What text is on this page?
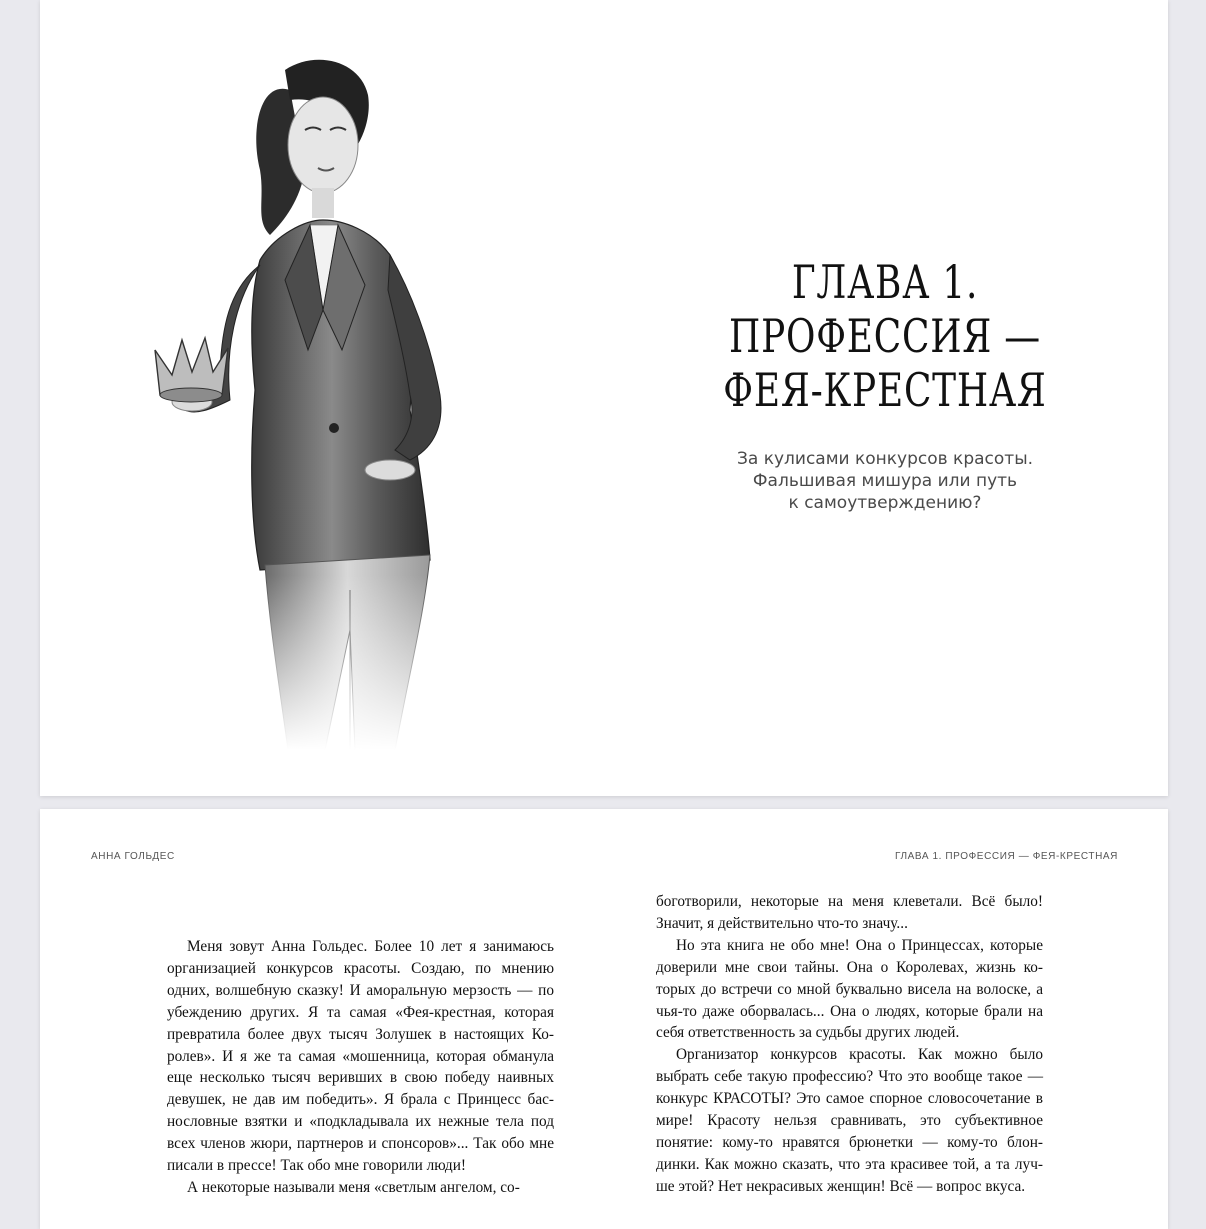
ГЛАВА 1.
ПРОФЕССИЯ —
ФЕЯ-КРЕСТНАЯ

За кулисами конкурсов красоты.
Фальшивая мишура или путь
к самоутверждению?

АННА ГОЛЬДЕС	ГЛАВА 1. ПРОФЕССИЯ — ФЕЯ-КРЕСТНАЯ

Меня зовут Анна Гольдес. Более 10 лет я занимаюсь организацией конкурсов красоты. Создаю, по мнению одних, волшебную сказку! И аморальную мерзость — по убеждению других. Я та самая «Фея-крестная, которая превратила более двух тысяч Золушек в настоящих Ко-ролев». И я же та самая «мошенница, которая обманула еще несколько тысяч веривших в свою победу наивных девушек, не дав им победить». Я брала с Принцесс бас-нословные взятки и «подкладывала их нежные тела под всех членов жюри, партнеров и спонсоров»... Так обо мне писали в прессе! Так обо мне говорили люди!

А некоторые называли меня «светлым ангелом, со-

боготворили, некоторые на меня клеветали. Всё было! Значит, я действительно что-то значу...

Но эта книга не обо мне! Она о Принцессах, которые доверили мне свои тайны. Она о Королевах, жизнь ко-торых до встречи со мной буквально висела на волоске, а чья-то даже оборвалась... Она о людях, которые брали на себя ответственность за судьбы других людей.

Организатор конкурсов красоты. Как можно было выбрать себе такую профессию? Что это вообще такое — конкурс КРАСОТЫ? Это самое спорное словосочетание в мире! Красоту нельзя сравнивать, это субъективное понятие: кому-то нравятся брюнетки — кому-то блон-динки. Как можно сказать, что эта красивее той, а та луч-ше этой? Нет некрасивых женщин! Всё — вопрос вкуса.
